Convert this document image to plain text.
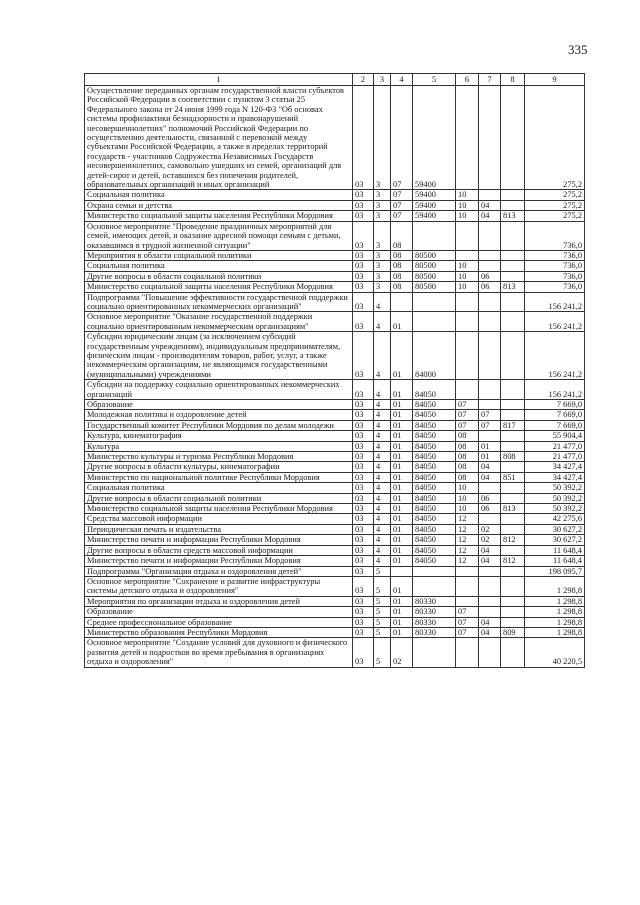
335
1	2	3	4	5	6	7	8	9
Осуществление переданных органам государственной власти субъектов Российской Федерации в соответствии с пунктом 3 статьи 25 Федерального закона от 24 июня 1999 года N 120-ФЗ "Об основах системы профилактики безнадзорности и правонарушений несовершеннолетних" полномочий Российской Федерации по осуществлению деятельности, связанной с перевозкой между субъектами Российской Федерации, а также в пределах территорий государств - участников Содружества Независимых Государств несовершеннолетних, самовольно ушедших из семей, организаций для детей-сирот и детей, оставшихся без попечения родителей, образовательных организаций и иных организаций	03	3	07	59400				275,2
Социальная политика	03	3	07	59400	10			275,2
Охрана семьи и детства	03	3	07	59400	10	04		275,2
Министерство социальной защиты населения Республики Мордовия	03	3	07	59400	10	04	813	275,2
Основное мероприятие "Проведение праздничных мероприятий для семей, имеющих детей, и оказание адресной помощи семьям с детьми, оказавшимся в трудной жизненной ситуации"	03	3	08					736,0
Мероприятия в области социальной политики	03	3	08	80500				736,0
Социальная политика	03	3	08	80500	10			736,0
Другие вопросы в области социальной политики	03	3	08	80500	10	06		736,0
Министерство социальной защиты населения Республики Мордовия	03	3	08	80500	10	06	813	736,0
Подпрограмма "Повышение эффективности государственной поддержки социально ориентированных некоммерческих организаций"	03	4						156 241,2
Основное мероприятие "Оказание государственной поддержки социально ориентированным некоммерческим организациям"	03	4	01					156 241,2
Субсидии юридическим лицам (за исключением субсидий государственным учреждениям), индивидуальным предпринимателям, физическим лицам - производителям товаров, работ, услуг, а также некоммерческим организациям, не являющимся государственными (муниципальными) учреждениями	03	4	01	84000				156 241,2
Субсидии на поддержку социально ориентированных некоммерческих организаций	03	4	01	84050				156 241,2
Образование	03	4	01	84050	07			7 669,0
Молодежная политика и оздоровление детей	03	4	01	84050	07	07		7 669,0
Государственный комитет Республики Мордовия по делам молодежи	03	4	01	84050	07	07	817	7 669,0
Культура, кинематография	03	4	01	84050	08			55 904,4
Культура	03	4	01	84050	08	01		21 477,0
Министерство культуры и туризма Республики Мордовия	03	4	01	84050	08	01	808	21 477,0
Другие вопросы в области культуры, кинематографии	03	4	01	84050	08	04		34 427,4
Министерство по национальной политике Республики Мордовия	03	4	01	84050	08	04	851	34 427,4
Социальная политика	03	4	01	84050	10			50 392,2
Другие вопросы в области социальной политики	03	4	01	84050	10	06		50 392,2
Министерство социальной защиты населения Республики Мордовия	03	4	01	84050	10	06	813	50 392,2
Средства массовой информации	03	4	01	84050	12			42 275,6
Периодическая печать и издательства	03	4	01	84050	12	02		30 627,2
Министерство печати и информации Республики Мордовия	03	4	01	84050	12	02	812	30 627,2
Другие вопросы в области средств массовой информации	03	4	01	84050	12	04		11 648,4
Министерство печати и информации Республики Мордовия	03	4	01	84050	12	04	812	11 648,4
Подпрограмма "Организация отдыха и оздоровления детей"	03	5						198 095,7
Основное мероприятие "Сохранение и развитие инфраструктуры системы детского отдыха и оздоровления"	03	5	01					1 298,8
Мероприятия по организации отдыха и оздоровления детей	03	5	01	80330				1 298,8
Образование	03	5	01	80330	07			1 298,8
Среднее профессиональное образование	03	5	01	80330	07	04		1 298,8
Министерство образования Республики Мордовия	03	5	01	80330	07	04	809	1 298,8
Основное мероприятие "Создание условий для духовного и физического развития детей и подростков во время пребывания в организациях отдыха и оздоровления"	03	5	02					40 220,5
